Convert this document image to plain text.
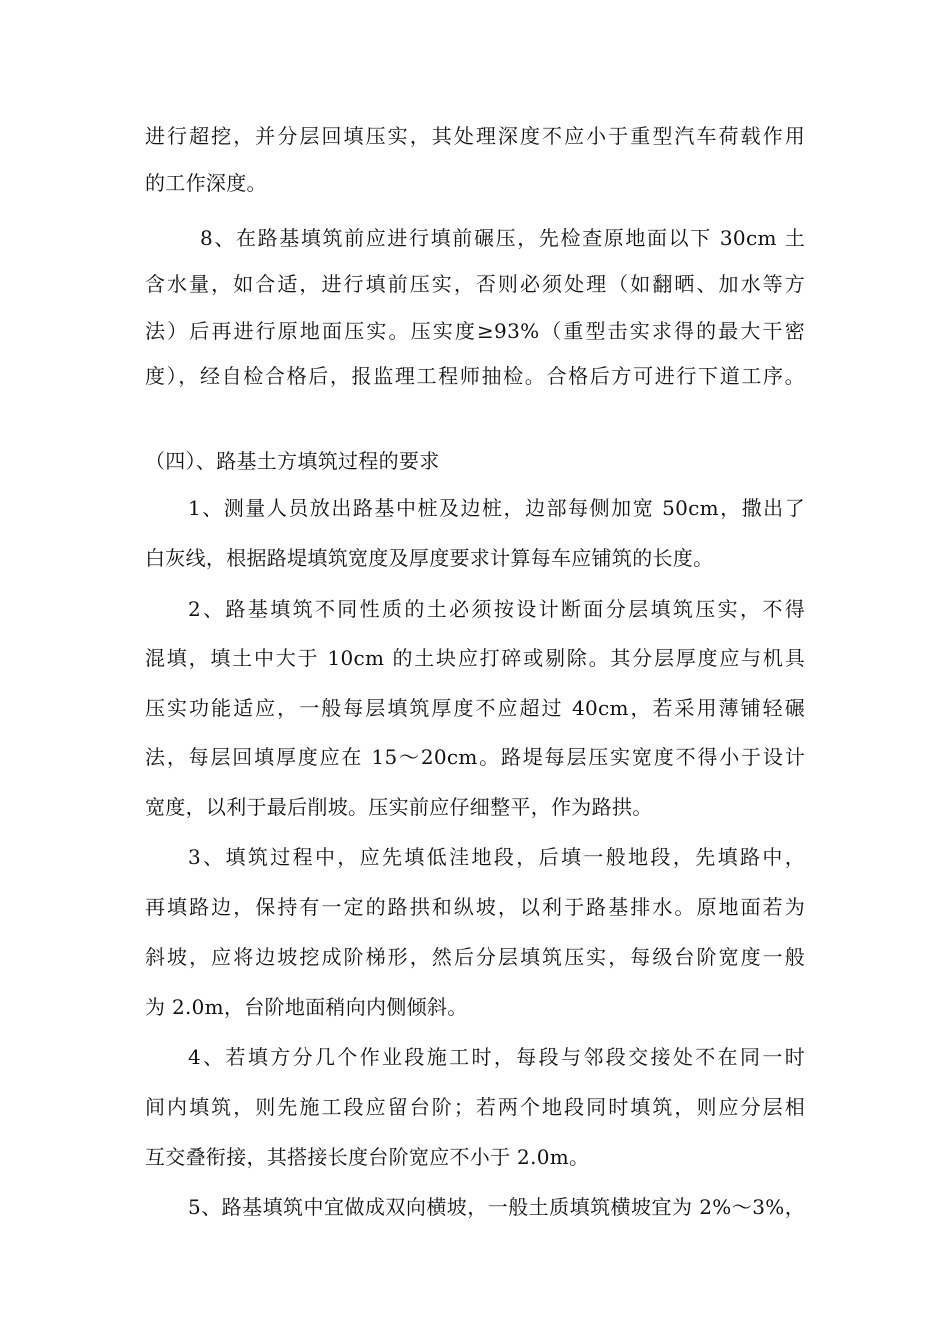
进行超挖，并分层回填压实，其处理深度不应小于重型汽车荷载作用
的工作深度。
8、在路基填筑前应进行填前碾压，先检查原地面以下 30cm 土
含水量，如合适，进行填前压实，否则必须处理（如翻晒、加水等方
法）后再进行原地面压实。压实度≥93%（重型击实求得的最大干密
度），经自检合格后，报监理工程师抽检。合格后方可进行下道工序。
（四）、路基土方填筑过程的要求
1、测量人员放出路基中桩及边桩，边部每侧加宽 50cm，撒出了
白灰线，根据路堤填筑宽度及厚度要求计算每车应铺筑的长度。
2、路基填筑不同性质的土必须按设计断面分层填筑压实，不得
混填，填土中大于 10cm 的土块应打碎或剔除。其分层厚度应与机具
压实功能适应，一般每层填筑厚度不应超过 40cm，若采用薄铺轻碾
法，每层回填厚度应在 15～20cm。路堤每层压实宽度不得小于设计
宽度，以利于最后削坡。压实前应仔细整平，作为路拱。
3、填筑过程中，应先填低洼地段，后填一般地段，先填路中，
再填路边，保持有一定的路拱和纵坡，以利于路基排水。原地面若为
斜坡，应将边坡挖成阶梯形，然后分层填筑压实，每级台阶宽度一般
为 2.0m，台阶地面稍向内侧倾斜。
4、若填方分几个作业段施工时，每段与邻段交接处不在同一时
间内填筑，则先施工段应留台阶；若两个地段同时填筑，则应分层相
互交叠衔接，其搭接长度台阶宽应不小于 2.0m。
5、路基填筑中宜做成双向横坡，一般土质填筑横坡宜为 2%～3%，
